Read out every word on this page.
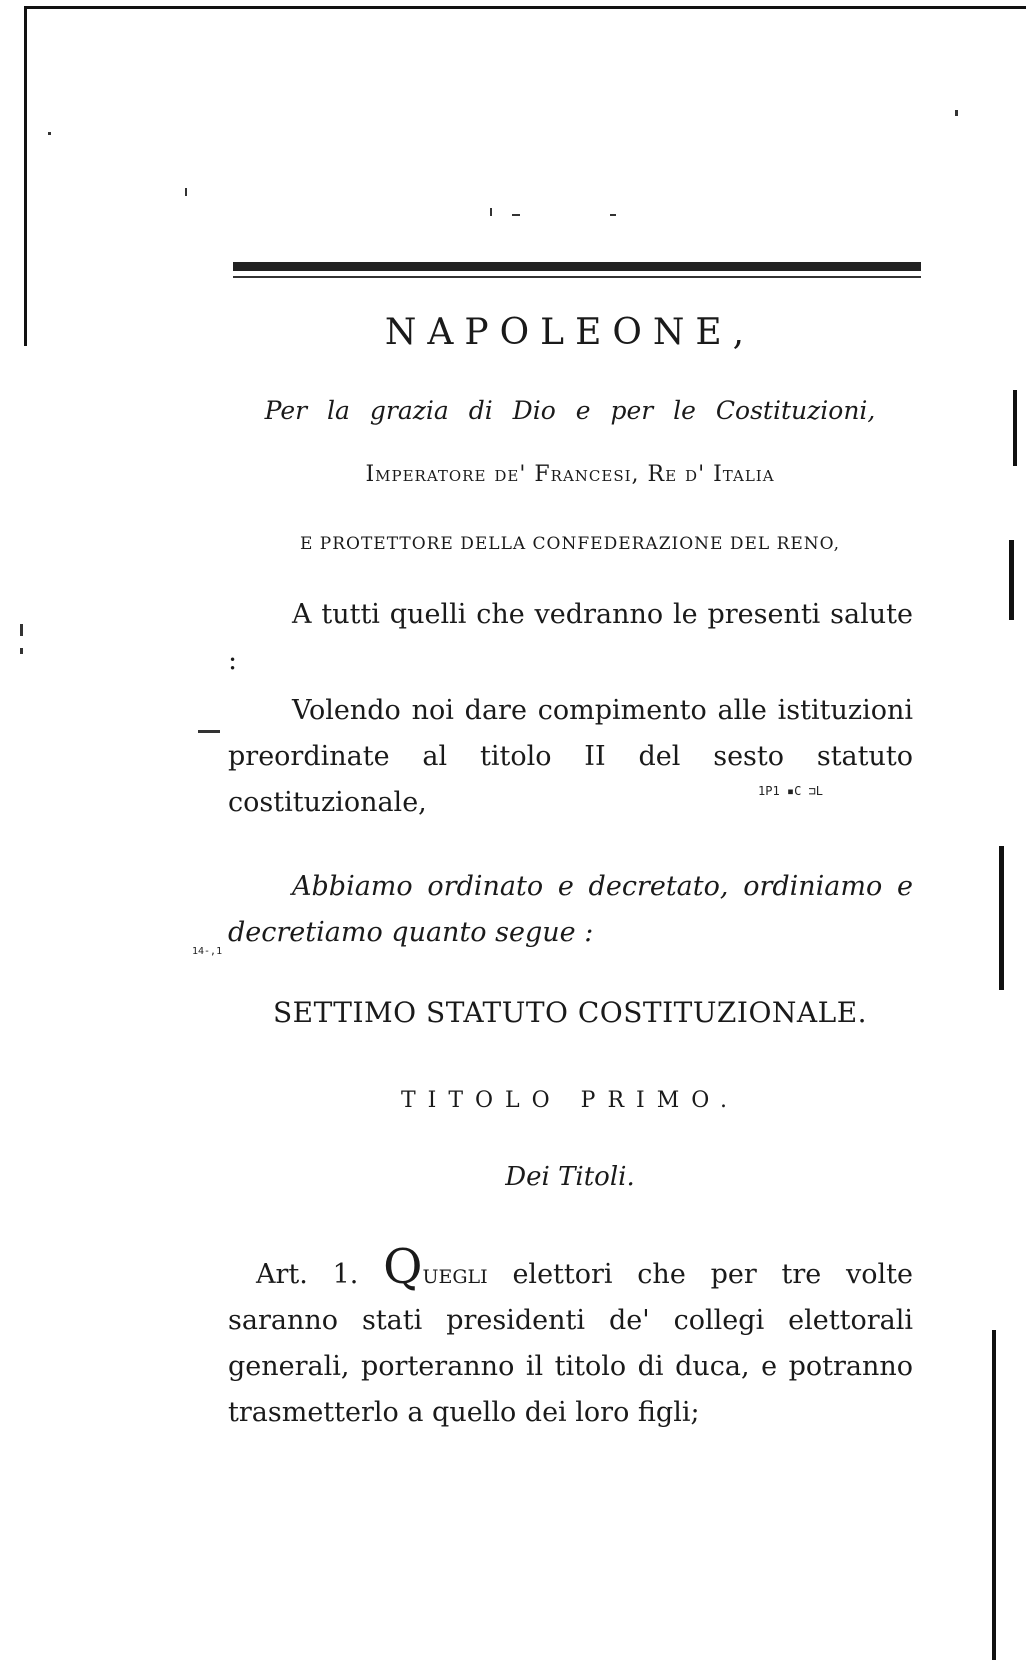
NAPOLEONE,
Per la grazia di Dio e per le Costituzioni,
Imperatore de' Francesi, Re d' Italia
E PROTETTORE DELLA CONFEDERAZIONE DEL RENO,
A tutti quelli che vedranno le presenti salute :
Volendo noi dare compimento alle istituzioni preordinate al titolo II del sesto statuto costituzionale,	1P1 ▪C ⊐L
Abbiamo ordinato e decretato, ordiniamo e decretiamo quanto segue :
14-,1
SETTIMO STATUTO COSTITUZIONALE.
TITOLO PRIMO.
Dei Titoli.
Art. 1. Quegli elettori che per tre volte saranno stati presidenti de' collegi elettorali generali, porteranno il titolo di duca, e potranno trasmetterlo a quello dei loro figli;
